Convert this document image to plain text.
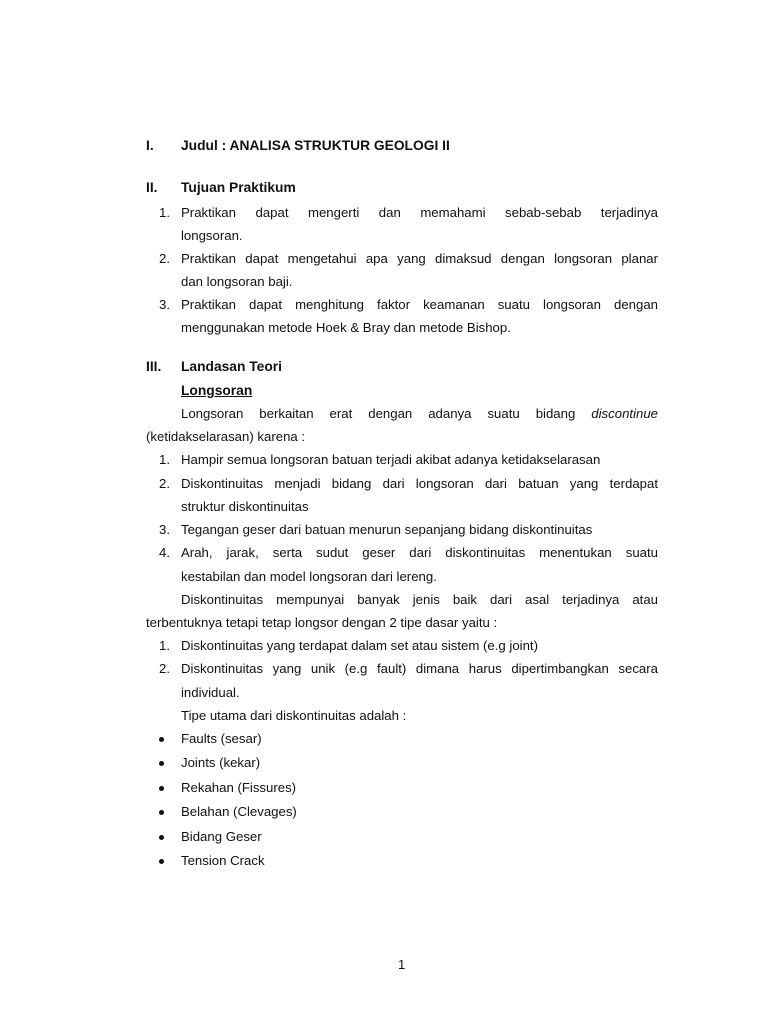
I. Judul : ANALISA STRUKTUR GEOLOGI II
II. Tujuan Praktikum
1. Praktikan dapat mengerti dan memahami sebab-sebab terjadinya
longsoran.
2. Praktikan dapat mengetahui apa yang dimaksud dengan longsoran planar
dan longsoran baji.
3. Praktikan dapat menghitung faktor keamanan suatu longsoran dengan
menggunakan metode Hoek & Bray dan metode Bishop.
III. Landasan Teori
Longsoran
Longsoran berkaitan erat dengan adanya suatu bidang discontinue
(ketidakselarasan) karena :
1. Hampir semua longsoran batuan terjadi akibat adanya ketidakselarasan
2. Diskontinuitas menjadi bidang dari longsoran dari batuan yang terdapat
struktur diskontinuitas
3. Tegangan geser dari batuan menurun sepanjang bidang diskontinuitas
4. Arah, jarak, serta sudut geser dari diskontinuitas menentukan suatu
kestabilan dan model longsoran dari lereng.
Diskontinuitas mempunyai banyak jenis baik dari asal terjadinya atau
terbentuknya tetapi tetap longsor dengan 2 tipe dasar yaitu :
1. Diskontinuitas yang terdapat dalam set atau sistem (e.g joint)
2. Diskontinuitas yang unik (e.g fault) dimana harus dipertimbangkan secara
individual.
Tipe utama dari diskontinuitas adalah :
Faults (sesar)
Joints (kekar)
Rekahan (Fissures)
Belahan (Clevages)
Bidang Geser
Tension Crack
1
